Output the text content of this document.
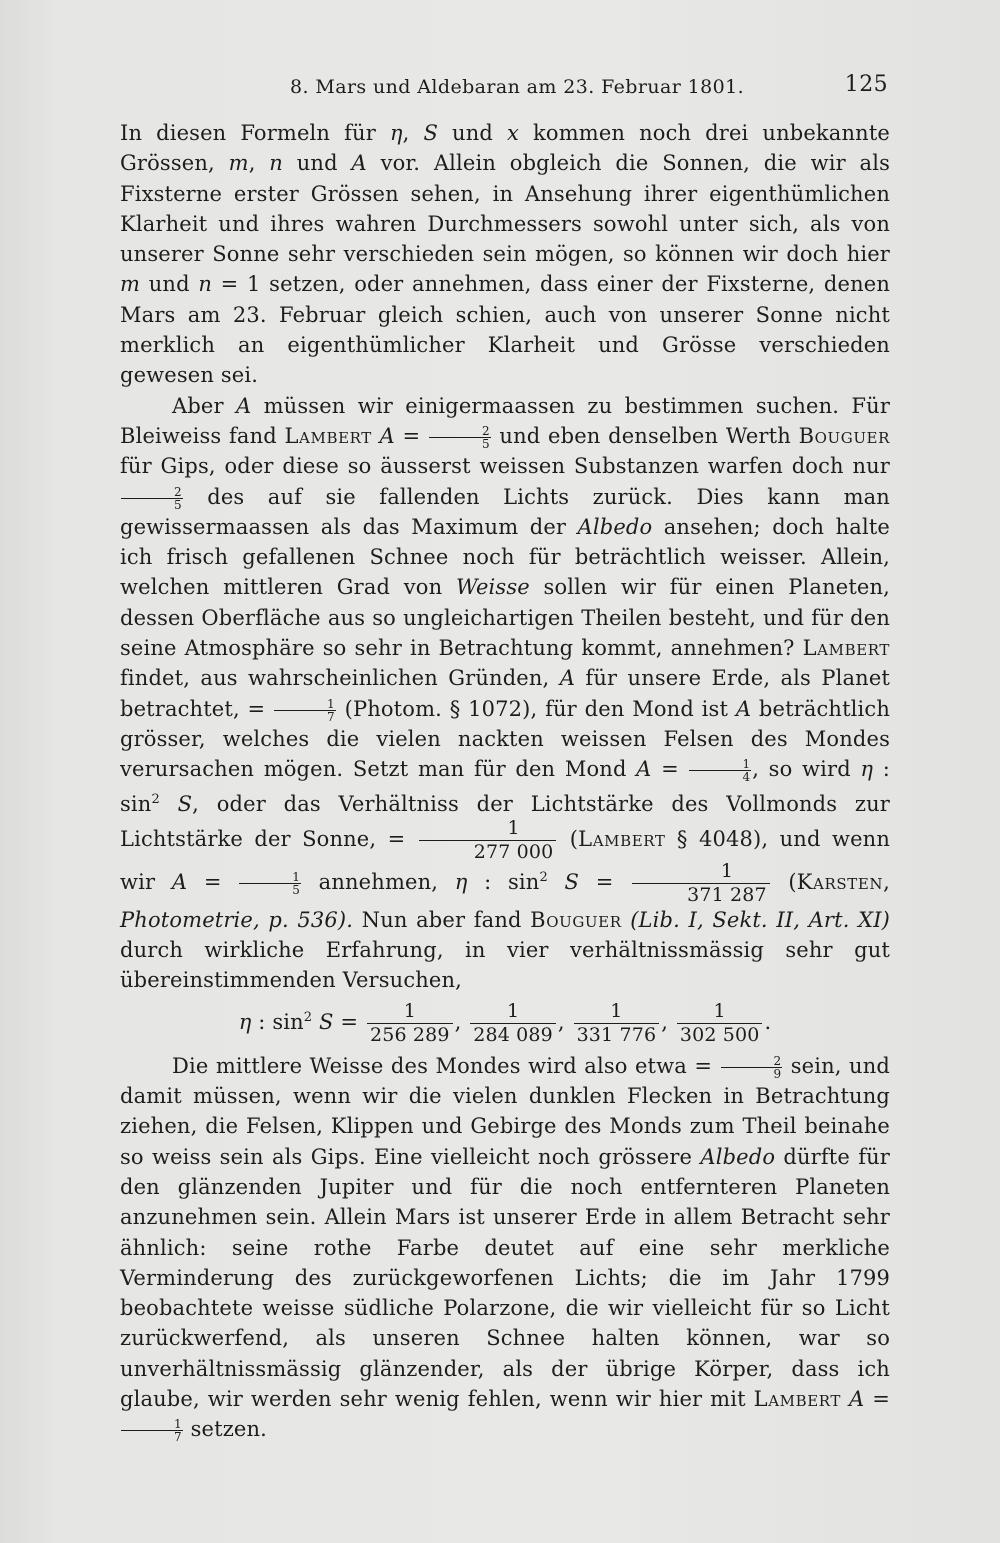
8. Mars und Aldebaran am 23. Februar 1801.	125

In diesen Formeln für η, S und x kommen noch drei unbekannte Grössen, m, n und A vor. Allein obgleich die Sonnen, die wir als Fixsterne erster Grössen sehen, in Ansehung ihrer eigenthümlichen Klarheit und ihres wahren Durchmessers sowohl unter sich, als von unserer Sonne sehr verschieden sein mögen, so können wir doch hier m und n = 1 setzen, oder annehmen, dass einer der Fixsterne, denen Mars am 23. Februar gleich schien, auch von unserer Sonne nicht merklich an eigenthümlicher Klarheit und Grösse verschieden gewesen sei.

Aber A müssen wir einigermaassen zu bestimmen suchen. Für Bleiweiss fand Lambert $A = \frac{2}{5}$ und eben denselben Werth Bouguer für Gips, oder diese so äusserst weissen Substanzen warfen doch nur
$\frac{2}{5}$ des auf sie fallenden Lichts zurück. Dies kann man gewissermaassen als das Maximum der Albedo ansehen; doch halte ich frisch gefallenen Schnee noch für beträchtlich weisser. Allein, welchen mittleren Grad von Weisse sollen wir für einen Planeten, dessen Oberfläche aus so ungleichartigen Theilen besteht, und für den seine Atmosphäre so sehr in Betrachtung kommt, annehmen? Lambert findet, aus wahrscheinlichen Gründen, A für unsere Erde, als Planet betrachtet, = $\frac{1}{7}$ (Photom. § 1072), für den Mond ist A beträchtlich grösser, welches die vielen nackten weissen Felsen des Mondes verursachen mögen. Setzt man für den Mond $A = \frac{1}{4}$ , so wird η : $\sin^2 S$, oder das Verhältniss der Lichtstärke des Vollmonds zur Lichtstärke der Sonne, = $\frac{1}{277 000}$ (Lambert § 4048), und wenn wir $A = \frac{1}{5}$ annehmen, η : $\sin^2 S = \frac{1}{371 287}$ (Karsten, Photometrie, p. 536). Nun aber fand Bouguer (Lib. I, Sekt. II, Art. XI) durch wirkliche Erfahrung, in vier verhältnissmässig sehr gut übereinstimmenden Versuchen,

η : $\sin^2 S = \frac{1}{256 289}$ , $\frac{1}{284 089}$ , $\frac{1}{331 776}$ , $\frac{1}{302 500}$ .

Die mittlere Weisse des Mondes wird also etwa = $\frac{2}{9}$ sein, und damit müssen, wenn wir die vielen dunklen Flecken in Betrachtung ziehen, die Felsen, Klippen und Gebirge des Monds zum Theil beinahe so weiss sein als Gips. Eine vielleicht noch grössere Albedo dürfte für den glänzenden Jupiter und für die noch entfernteren Planeten anzunehmen sein. Allein Mars ist unserer Erde in allem Betracht sehr ähnlich: seine rothe Farbe deutet auf eine sehr merkliche Verminderung des zurückgeworfenen Lichts; die im Jahr 1799 beobachtete weisse südliche Polarzone, die wir vielleicht für so Licht zurückwerfend, als unseren Schnee halten können, war so unverhältnissmässig glänzender, als der übrige Körper, dass ich glaube, wir werden sehr wenig fehlen, wenn wir hier mit Lambert A =
$\frac{1}{7}$ setzen.
